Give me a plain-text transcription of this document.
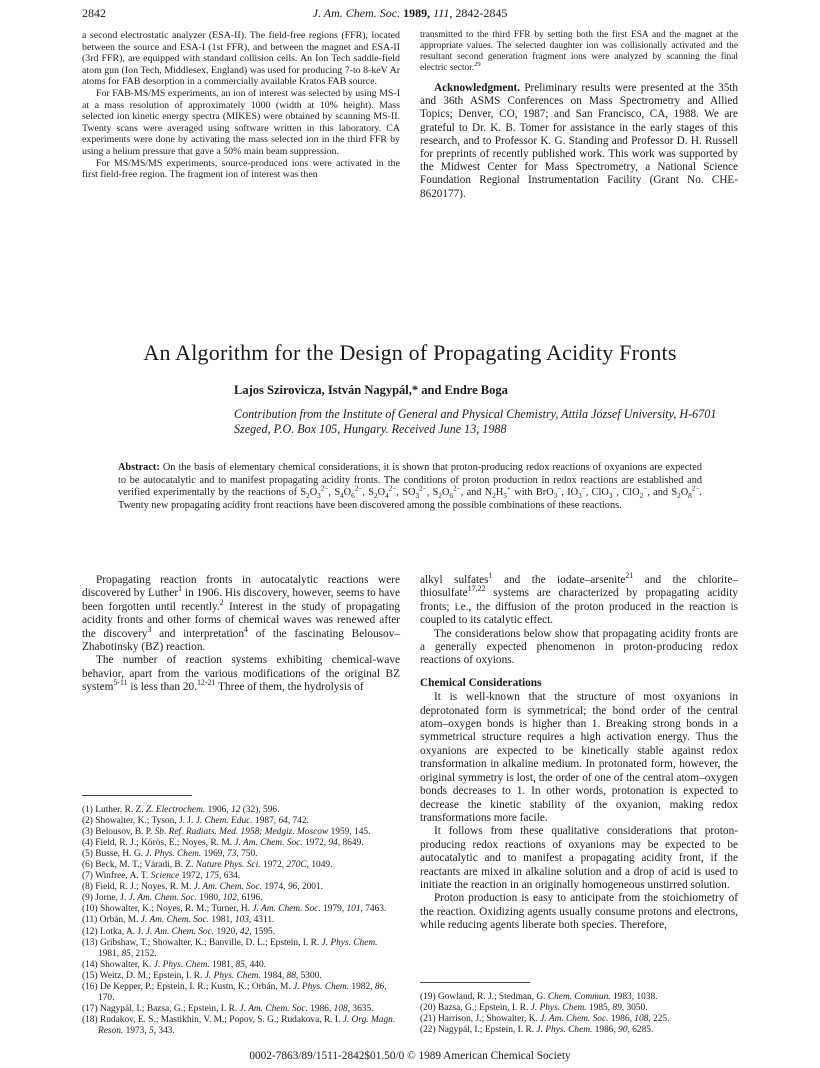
2842	J. Am. Chem. Soc. 1989, 111, 2842-2845

a second electrostatic analyzer (ESA-II). The field-free regions (FFR), located between the source and ESA-I (1st FFR), and between the magnet and ESA-II (3rd FFR), are equipped with standard collision cells. An Ion Tech saddle-field atom gun (Ion Tech, Middlesex, England) was used for producing 7-to 8-keV Ar atoms for FAB desorption in a commercially available Kratos FAB source.

For FAB-MS/MS experiments, an ion of interest was selected by using MS-I at a mass resolution of approximately 1000 (width at 10% height). Mass selected ion kinetic energy spectra (MIKES) were obtained by scanning MS-II. Twenty scans were averaged using software written in this laboratory. CA experiments were done by activating the mass selected ion in the third FFR by using a helium pressure that gave a 50% main beam suppression.

For MS/MS/MS experiments, source-produced ions were activated in the first field-free region. The fragment ion of interest was then

transmitted to the third FFR by setting both the first ESA and the magnet at the appropriate values. The selected daughter ion was collisionally activated and the resultant second generation fragment ions were analyzed by scanning the final electric sector.$^{29}$

Acknowledgment. Preliminary results were presented at the 35th and 36th ASMS Conferences on Mass Spectrometry and Allied Topics; Denver, CO, 1987; and San Francisco, CA, 1988. We are grateful to Dr. K. B. Tomer for assistance in the early stages of this research, and to Professor K. G. Standing and Professor D. H. Russell for preprints of recently published work. This work was supported by the Midwest Center for Mass Spectrometry, a National Science Foundation Regional Instrumentation Facility (Grant No. CHE-8620177).

An Algorithm for the Design of Propagating Acidity Fronts
Lajos Szirovicza, István Nagypál,* and Endre Boga
Contribution from the Institute of General and Physical Chemistry, Attila József University, H-6701 Szeged, P.O. Box 105, Hungary. Received June 13, 1988
Abstract: On the basis of elementary chemical considerations, it is shown that proton-producing redox reactions of oxyanions are expected to be autocatalytic and to manifest propagating acidity fronts. The conditions of proton production in redox reactions are established and verified experimentally by the reactions of $S_2O_3^{2-}$, $S_4O_6^{2-}$, $S_2O_4^{2-}$, $SO_3^{2-}$, $S_2O_6^{2-}$, and $N_2H_5^+$ with BrO$_3$−, $IO_3^-$, ClO$_3$−, ClO$_2$−, and $S_2O_8^{2-}$. Twenty new propagating acidity front reactions have been discovered among the possible combinations of these reactions.

Propagating reaction fronts in autocatalytic reactions were discovered by Luther$^1$ in 1906. His discovery, however, seems to have been forgotten until recently.$^2$ Interest in the study of propagating acidity fronts and other forms of chemical waves was renewed after the discovery$^3$ and interpretation$^4$ of the fascinating Belousov–Zhabotinsky (BZ) reaction.

The number of reaction systems exhibiting chemical-wave behavior, apart from the various modifications of the original BZ system$^{5-11}$ is less than 20.$^{12-21}$ Three of them, the hydrolysis of

(1) Luther, R. Z. Z. Electrochem. 1906, 12 (32), 596.
(2) Showalter, K.; Tyson, J. J. J. Chem. Educ. 1987, 64, 742.
(3) Belousov, B. P. Sb. Ref. Radiats. Med. 1958; Medgiz. Moscow 1959, 145.
(4) Field, R. J.; Körös, E.; Noyes, R. M. J. Am. Chem. Soc. 1972, 94, 8649.
(5) Busse, H. G. J. Phys. Chem. 1969, 73, 750.
(6) Beck, M. T.; Váradi, B. Z. Nature Phys. Sci. 1972, 270C, 1049.
(7) Winfree, A. T. Science 1972, 175, 634.
(8) Field, R. J.; Noyes, R. M. J. Am. Chem. Soc. 1974, 96, 2001.
(9) Jorne, J. J. Am. Chem. Soc. 1980, 102, 6196.
(10) Showalter, K.; Noyes, R. M.; Turner, H. J. Am. Chem. Soc. 1979, 101, 7463.
(11) Orbán, M. J. Am. Chem. Soc. 1981, 103, 4311.
(12) Lotka, A. J. J. Am. Chem. Soc. 1920, 42, 1595.
(13) Gribshaw, T.; Showalter, K.; Banville, D. L.; Epstein, I. R. J. Phys. Chem. 1981, 85, 2152.
(14) Showalter, K. J. Phys. Chem. 1981, 85, 440.
(15) Weitz, D. M.; Epstein, I. R. J. Phys. Chem. 1984, 88, 5300.
(16) De Kepper, P.; Epstein, I. R.; Kustn, K.; Orbán, M. J. Phys. Chem. 1982, 86, 170.
(17) Nagypál, I.; Bazsa, G.; Epstein, I. R. J. Am. Chem. Soc. 1986, 108, 3635.
(18) Rudakov, E. S.; Mastikhin, V. M.; Popov, S. G.; Rudakova, R. I. J. Org. Magn. Reson. 1973, 5, 343.

alkyl sulfates$^1$ and the iodate–arsenite$^{21}$ and the chlorite–thiosulfate$^{17,22}$ systems are characterized by propagating acidity fronts; i.e., the diffusion of the proton produced in the reaction is coupled to its catalytic effect.

The considerations below show that propagating acidity fronts are a generally expected phenomenon in proton-producing redox reactions of oxyions.

Chemical Considerations

It is well-known that the structure of most oxyanions in deprotonated form is symmetrical; the bond order of the central atom–oxygen bonds is higher than 1. Breaking strong bonds in a symmetrical structure requires a high activation energy. Thus the oxyanions are expected to be kinetically stable against redox transformation in alkaline medium. In protonated form, however, the original symmetry is lost, the order of one of the central atom–oxygen bonds decreases to 1. In other words, protonation is expected to decrease the kinetic stability of the oxyanion, making redox transformations more facile.

It follows from these qualitative considerations that proton-producing redox reactions of oxyanions may be expected to be autocatalytic and to manifest a propagating acidity front, if the reactants are mixed in alkaline solution and a drop of acid is used to initiate the reaction in an originally homogeneous unstirred solution.

Proton production is easy to anticipate from the stoichiometry of the reaction. Oxidizing agents usually consume protons and electrons, while reducing agents liberate both species. Therefore,

(19) Gowland, R. J.; Stedman, G. Chem. Commun. 1983, 1038.
(20) Bazsa, G.; Epstein, I. R. J. Phys. Chem. 1985, 89, 3050.
(21) Harrison, J.; Showalter, K. J. Am. Chem. Soc. 1986, 108, 225.
(22) Nagypál, I.; Epstein, I. R. J. Phys. Chem. 1986, 90, 6285.
0002-7863/89/1511-2842$01.50/0 © 1989 American Chemical Society
